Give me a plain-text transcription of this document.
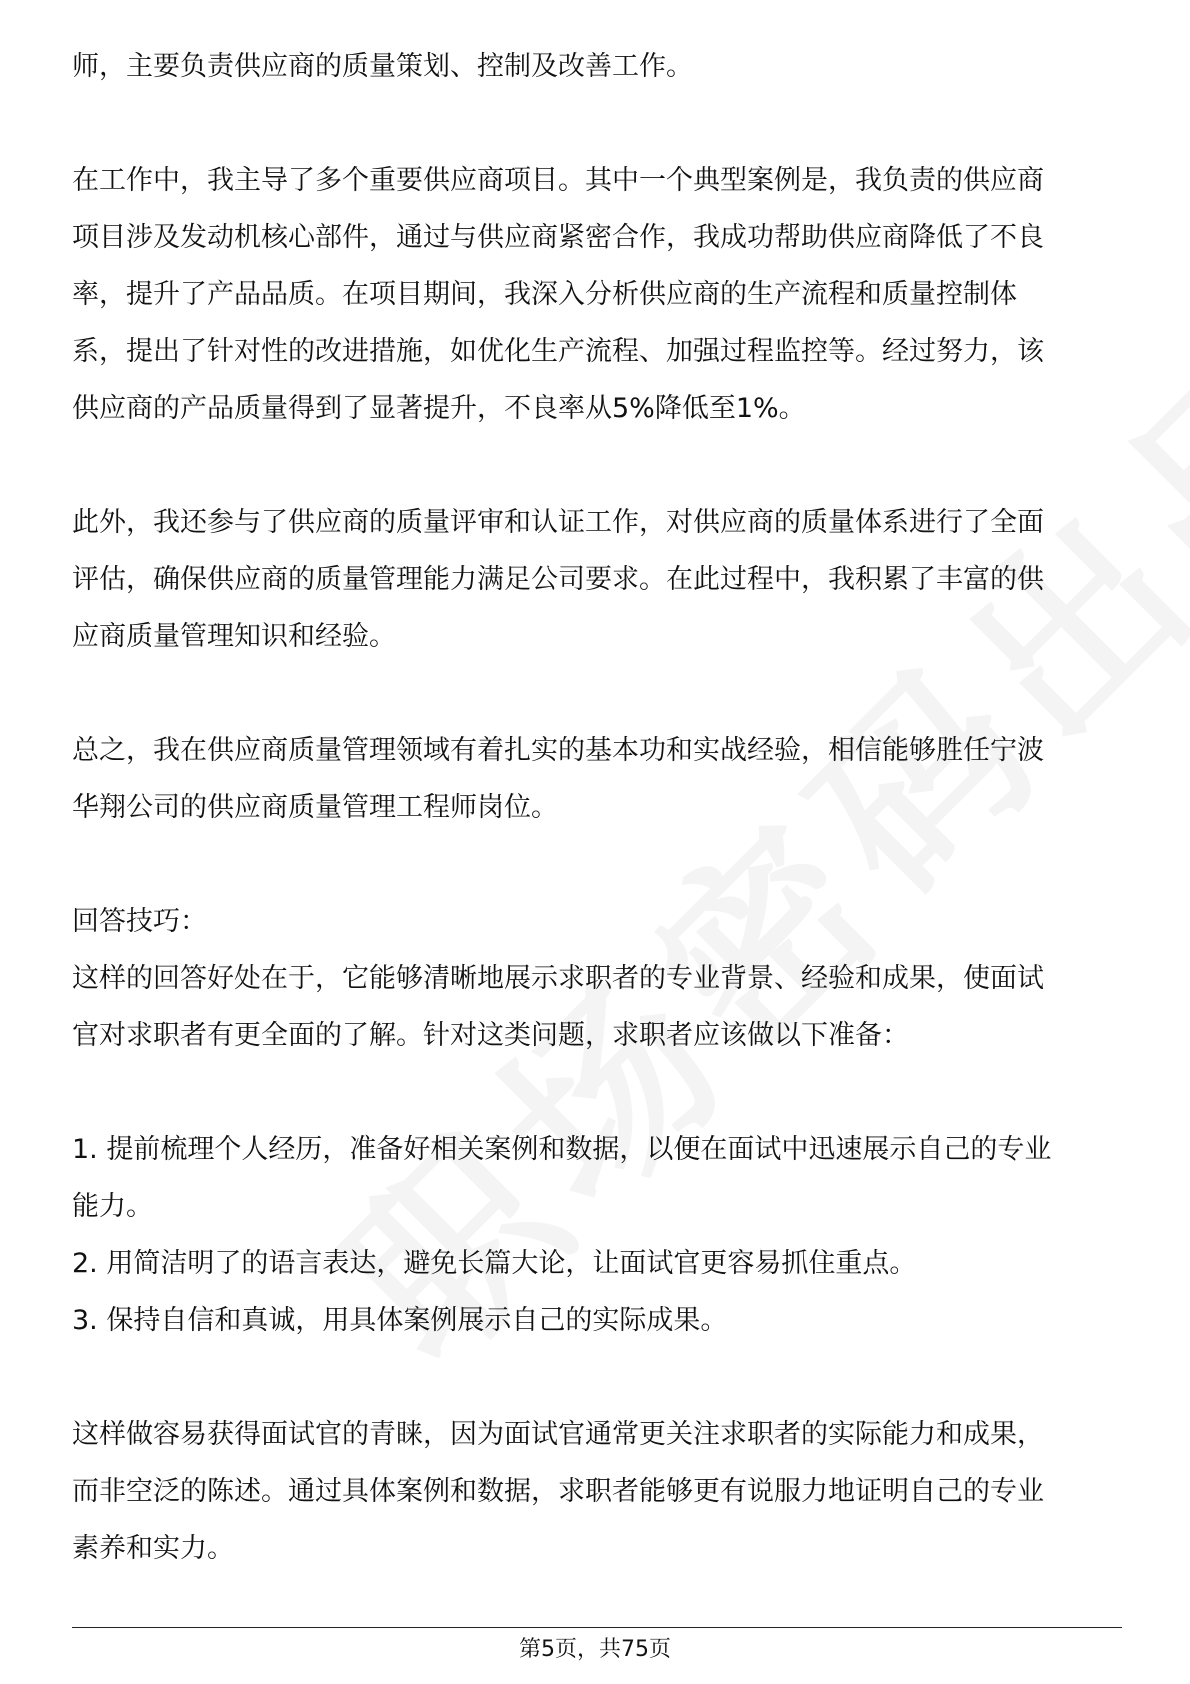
师，主要负责供应商的质量策划、控制及改善工作。

在工作中，我主导了多个重要供应商项目。其中一个典型案例是，我负责的供应商

项目涉及发动机核心部件，通过与供应商紧密合作，我成功帮助供应商降低了不良

率，提升了产品品质。在项目期间，我深入分析供应商的生产流程和质量控制体

系，提出了针对性的改进措施，如优化生产流程、加强过程监控等。经过努力，该

供应商的产品质量得到了显著提升，不良率从5%降低至1%。

此外，我还参与了供应商的质量评审和认证工作，对供应商的质量体系进行了全面

评估，确保供应商的质量管理能力满足公司要求。在此过程中，我积累了丰富的供

应商质量管理知识和经验。

总之，我在供应商质量管理领域有着扎实的基本功和实战经验，相信能够胜任宁波

华翔公司的供应商质量管理工程师岗位。

回答技巧：

这样的回答好处在于，它能够清晰地展示求职者的专业背景、经验和成果，使面试

官对求职者有更全面的了解。针对这类问题，求职者应该做以下准备：

1. 提前梳理个人经历，准备好相关案例和数据，以便在面试中迅速展示自己的专业

能力。

2. 用简洁明了的语言表达，避免长篇大论，让面试官更容易抓住重点。

3. 保持自信和真诚，用具体案例展示自己的实际成果。

这样做容易获得面试官的青睐，因为面试官通常更关注求职者的实际能力和成果，

而非空泛的陈述。通过具体案例和数据，求职者能够更有说服力地证明自己的专业

素养和实力。

第5页，共75页
